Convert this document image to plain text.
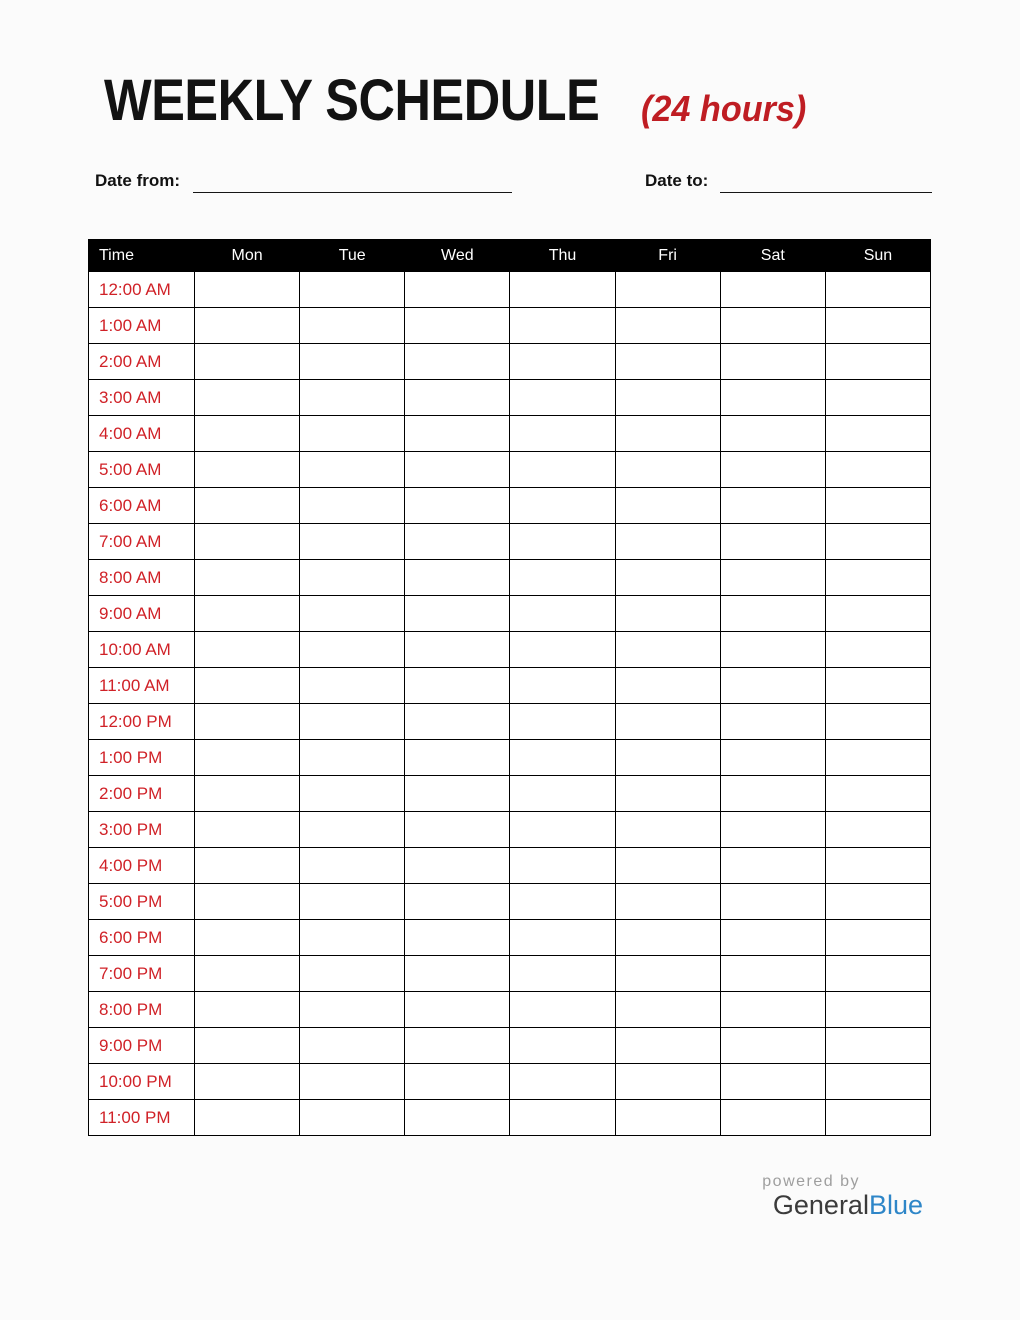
WEEKLY SCHEDULE (24 hours)
Date from:	Date to:
Time	Mon	Tue	Wed	Thu	Fri	Sat	Sun
12:00 AM							
1:00 AM							
2:00 AM							
3:00 AM							
4:00 AM							
5:00 AM							
6:00 AM							
7:00 AM							
8:00 AM							
9:00 AM							
10:00 AM							
11:00 AM							
12:00 PM							
1:00 PM							
2:00 PM							
3:00 PM							
4:00 PM							
5:00 PM							
6:00 PM							
7:00 PM							
8:00 PM							
9:00 PM							
10:00 PM							
11:00 PM							
powered by
GeneralBlue
